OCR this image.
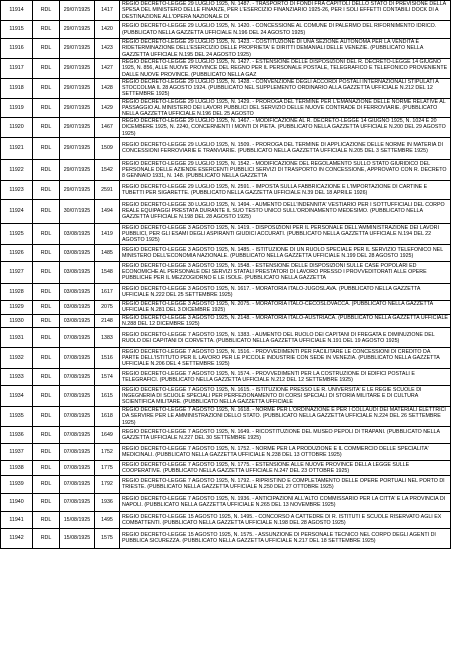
11914	RDL	29/07/1925	1417	REGIO DECRETO-LEGGE 29 LUGLIO 1925, N. 1487. - TRASPORTO DI FONDI FRA CAPITOLI DELLO STATO DI PREVISIONE DELLA SPESA DEL MINISTERO DELLE FINANZE, PER L'ESERCIZIO FINANZIARIO 1925-26, PER I SOLI EFFETTI CONTABILI DOCK DI A DESTINAZIONE ALL'OPERA NAZIONALE DI
11915	RDL	29/07/1925	1420	REGIO DECRETO-LEGGE 29 LUGLIO 1925, N. 1420. - CONCESSIONE AL COMUNE DI PALERMO DEL RIFORNIMENTO IDRICO. (PUBBLICATO NELLA GAZZETTA UFFICIALE N.196 DEL 24 AGOSTO 1925)
11916	RDL	29/07/1925	1423	REGIO DECRETO-LEGGE 29 LUGLIO 1925, N. 1423. - COSTITUZIONE DI UNA SEZIONE AUTONOMA PER LA VENDITA E RIDETERMINAZIONE DELL'ESERCIZIO DELLE PROPRIETA' E DIRITTI DEMANIALI DELLE VENEZIE. (PUBBLICATO NELLA GAZZETTA UFFICIALE N.195 DEL 24 AGOSTO 1925)
11917	RDL	29/07/1925	1427	REGIO DECRETO-LEGGE 29 LUGLIO 1925, N. 1427. - ESTENSIONE DELLE DISPOSIZIONI DEL R. DECRETO-LEGGE 14 GIUGNO 1925, N. 856, ALLE NUOVE PROVINCE DEL REGNO PER IL PERSONALE POSTALE, TELEGRAFICO E TELEFONICO PROVENIENTE DALLE NUOVE PROVINCE. (PUBBLICATO NELLA GAZ
11918	RDL	29/07/1925	1428	REGIO DECRETO-LEGGE 29 LUGLIO 1925, N. 1428. - CONVENZIONE DEGLI ACCORDI POSTALI INTERNAZIONALI STIPULATI A STOCCOLMA IL 28 AGOSTO 1924. (PUBBLICATO NEL SUPPLEMENTO ORDINARIO ALLA GAZZETTA UFFICIALE N.212 DEL 12 SETTEMBRE 1925)
11919	RDL	29/07/1925	1429	REGIO DECRETO-LEGGE 29 LUGLIO 1925, N. 1429. - PROROGA DEL TERMINE PER L'EMANAZIONE DELLE NORME RELATIVE AL PASSAGGIO AL MINISTERO DEI LAVORI PUBBLICI DEL SERVIZIO DELLE NUOVE CONTRADE DI FERROVIARIE. (PUBBLICATO NELLA GAZZETTA UFFICIALE N.196 DEL 25 AGOSTO
11920	RDL	29/07/1925	1467	REGIO DECRETO-LEGGE 29 LUGLIO 1925, N. 1467. - MODIFICAZIONE AL R. DECRETO-LEGGE 14 GIUGNO 1925, N. 1024 E 20 DICEMBERE 1925, N. 2240, CONCERNENTI I MONTI DI PIETA. (PUBBLICATO NELLA GAZZETTA UFFICIALE N.200 DEL 29 AGOSTO 1925)
11921	RDL	29/07/1925	1509	REGIO DECRETO-LEGGE 29 LUGLIO 1925, N. 1509. - PROROGA DEL TERMINE DI APPLICAZIONE DELLE NORME IN MATERIA DI CONCESSIONI FERROVIARIE E TRANVIARIE. (PUBBLICATO NELLA GAZZETTA UFFICIALE N.205 DEL 3 SETTEMBRE 1925)
11922	RDL	29/07/1925	1542	REGIO DECRETO-LEGGE 29 LUGLIO 1925, N. 1542. - MODIFICAZIONE DEL REGOLAMENTO SULLO STATO GIURIDICO DEL PERSONALE DELLE AZIENDE ESERCENTI PUBBLICI SERVIZI DI TRASPORTO IN CONCESSIONE, APPROVATO CON R. DECRETO 8 GENNAIO 1931, N. 148. (PUBBLICATO NELLA GAZZETTA
11923	RDL	29/07/1925	2591	REGIO DECRETO-LEGGE 29 LUGLIO 1925, N. 2591. - IMPOSTA SULLA FABBRICAZIONE E L'IMPORTAZIONE DI CARTINE E TUBETTI PER SIGARETTE. (PUBBLICATO NELLA GAZZETTA UFFICIALE N.39 DEL 18 APRILE 1926)
11924	RDL	30/07/1925	1494	REGIO DECRETO-LEGGE 30 LUGLIO 1925, N. 1494. - AUMENTO DELL'INDENNITA' VESTIARIO PER I SOTTUFFICIALI DEL CORPO REALE EQUIPAGGI PRESTATA DURANTE IL SUO TESTO UNICO SULL'ORDINAMENTO MEDESIMO. (PUBBLICATO NELLA GAZZETTA UFFICIALE N.198 DEL 28 AGOSTO 1925)
11925	RDL	03/08/1925	1419	REGIO DECRETO-LEGGE 3 AGOSTO 1925, N. 1419. - DISPOSIZIONI PER IL PERSONALE DELL'AMMINISTRAZIONE DEI LAVORI PUBBLICI, PER GLI ESAMI DEGLI ASPIRANTI GIUDICI ACCURATI. (PUBBLICATO NELLA GAZZETTA UFFICIALE N.194 DEL 22 AGOSTO 1925)
11926	RDL	03/08/1925	1485	REGIO DECRETO-LEGGE 3 AGOSTO 1925, N. 1485. - ISTITUZIONE DI UN RUOLO SPECIALE PER IL SERVIZIO TELEFONICO NEL MINISTERO DELL'ECONOMIA NAZIONALE. (PUBBLICATO NELLA GAZZETTA UFFICIALE N.199 DEL 28 AGOSTO 1925)
11927	RDL	03/08/1925	1548	REGIO DECRETO-LEGGE 3 AGOSTO 1925, N. 1548. - ESTENSIONE DELLE DISPOSIZIONI SULLE CASE POPOLARI ED ECONOMICHE AL PERSONALE DEI SERVIZI STATALI PRESTATORI DI LAVORO PRESSO I PROVVEDITORATI ALLE OPERE PUBBLICHE PER IL MEZZOGIORNO E LE ISOLE. (PUBBLICATO NELLA GAZZETTA
11928	RDL	03/08/1925	1617	REGIO DECRETO-LEGGE 3 AGOSTO 1925, N. 1617. - MORATORIA ITALO-JUGOSLAVA. (PUBBLICATO NELLA GAZZETTA UFFICIALE N.222 DEL 25 SETTEMBRE 1925)
11929	RDL	03/08/1925	2075	REGIO DECRETO-LEGGE 3 AGOSTO 1925, N. 2075. - MORATORIA ITALO-CECOSLOVACCA. (PUBBLICATO NELLA GAZZETTA UFFICIALE N.281 DEL 3 DICEMBRE 1925)
11930	RDL	03/08/1925	2148	REGIO DECRETO-LEGGE 3 AGOSTO 1925, N. 2148. - MORATORIA ITALO-AUSTRIACA. (PUBBLICATO NELLA GAZZETTA UFFICIALE N.288 DEL 12 DICEMBRE 1925)
11931	RDL	07/08/1925	1383	REGIO DECRETO-LEGGE 7 AGOSTO 1925, N. 1383. - AUMENTO DEL RUOLO DEI CAPITANI DI FREGATA E DIMINUZIONE DEL RUOLO DEI CAPITANI DI CORVETTA. (PUBBLICATO NELLA GAZZETTA UFFICIALE N.191 DEL 19 AGOSTO 1925)
11932	RDL	07/08/1925	1516	REGIO DECRETO-LEGGE 7 AGOSTO 1925, N. 1516. - PROVVEDIMENTI PER FACILITARE LE CONCESSIONI DI CREDITO DA PARTE DELL'ISTITUTO PER IL LAVORO PER LE PICCOLE INDUSTRIE CON SEDE IN VENEZIA. (PUBBLICATO NELLA GAZZETTA UFFICIALE N.206 DEL 4 SETTEMBRE 1925)
11933	RDL	07/08/1925	1574	REGIO DECRETO-LEGGE 7 AGOSTO 1925, N. 1574. - PROVVEDIMENTI PER LA COSTRUZIONE DI EDIFICI POSTALI E TELEGRAFICI. (PUBBLICATO NELLA GAZZETTA UFFICIALE N.212 DEL 12 SETTEMBRE 1925)
11934	RDL	07/08/1925	1615	REGIO DECRETO-LEGGE 7 AGOSTO 1925, N. 1615. - ISTITUZIONE PRESSO LE R. UNIVERSITA' E LE REGIE SCUOLE DI INGEGNERIA DI SCUOLE SPECIALI PER PERFEZIONAMENTO DI CORSI SPECIALI DI STORIA MILITARE E DI CULTURA SCIENTIFICA MILITARE. (PUBBLICATO NELLA GAZZETTA UFFICIALE
11935	RDL	07/08/1925	1618	REGIO DECRETO-LEGGE 7 AGOSTO 1925, N. 1618. - NORME PER L'ORDINAZIONE E PER I COLLAUDI DEI MATERIALI ELETTRICI DA SERVIRE PER LE AMMINISTRAZIONI DELLO STATO. (PUBBLICATO NELLA GAZZETTA UFFICIALE N.224 DEL 26 SETTEMBRE 1925)
11936	RDL	07/08/1925	1649	REGIO DECRETO-LEGGE 7 AGOSTO 1925, N. 1649. - RICOSTITUZIONE DEL MUSEO PEPOLI DI TRAPANI. (PUBBLICATO NELLA GAZZETTA UFFICIALE N.227 DEL 30 SETTEMBRE 1925)
11937	RDL	07/08/1925	1752	REGIO DECRETO-LEGGE 7 AGOSTO 1925, N. 1752. - NORME PER LA PRODUZIONE E IL COMMERCIO DELLE SPECIALITA' MEDICINALI. (PUBBLICATO NELLA GAZZETTA UFFICIALE N.238 DEL 13 OTTOBRE 1925)
11938	RDL	07/08/1925	1775	REGIO DECRETO-LEGGE 7 AGOSTO 1925, N. 1775. - ESTENSIONE ALLE NUOVE PROVINCE DELLA LEGGE SULLE COOPERATIVE. (PUBBLICATO NELLA GAZZETTA UFFICIALE N.247 DEL 23 OTTOBRE 1925)
11939	RDL	07/08/1925	1792	REGIO DECRETO-LEGGE 7 AGOSTO 1925, N. 1792. - RIPRISTINO E COMPLETAMENTO DELLE OPERE PORTUALI NEL PORTO DI TRIESTE. (PUBBLICATO NELLA GAZZETTA UFFICIALE N.250 DEL 27 OTTOBRE 1925)
11940	RDL	07/08/1925	1936	REGIO DECRETO-LEGGE 7 AGOSTO 1925, N. 1936. - ANTICIPAZIONI ALL'ALTO COMMISSARIO PER LA CITTA' E LA PROVINCIA DI NAPOLI. (PUBBLICATO NELLA GAZZETTA UFFICIALE N.265 DEL 13 NOVEMBRE 1925)
11941	RDL	15/08/1925	1495	REGIO DECRETO-LEGGE 15 AGOSTO 1925, N. 1495. - CONCORSO A CATTEDRE DI R. ISTITUTI E SCUOLE RISERVATO AGLI EX COMBATTENTI. (PUBBLICATO NELLA GAZZETTA UFFICIALE N.198 DEL 28 AGOSTO 1925)
11942	RDL	15/08/1925	1575	REGIO DECRETO-LEGGE 15 AGOSTO 1925, N. 1575. - ASSUNZIONE DI PERSONALE TECNICO NEL CORPO DEGLI AGENTI DI PUBBLICA SICUREZZA. (PUBBLICATO NELLA GAZZETTA UFFICIALE N.217 DEL 18 SETTEMBRE 1925)
